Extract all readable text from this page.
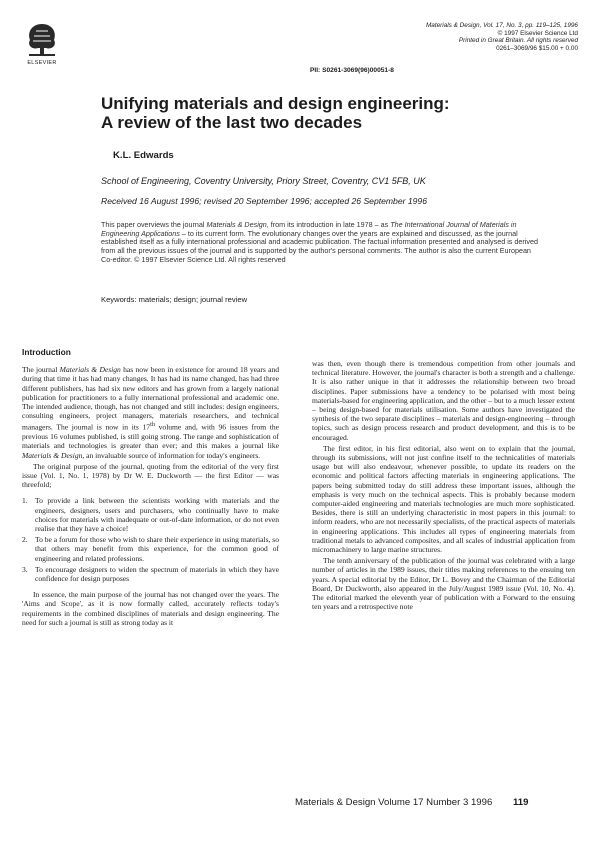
ELSEVIER
Materials & Design, Vol. 17, No. 3, pp. 119–125, 1996
© 1997 Elsevier Science Ltd
Printed in Great Britain. All rights reserved
0261–3069/96 $15.00 + 0.00
PII: S0261-3069(96)00051-8
Unifying materials and design engineering:
A review of the last two decades
K.L. Edwards
School of Engineering, Coventry University, Priory Street, Coventry, CV1 5FB, UK
Received 16 August 1996; revised 20 September 1996; accepted 26 September 1996

This paper overviews the journal Materials & Design, from its introduction in late 1978 – as The International Journal of Materials in Engineering Applications – to its current form. The evolutionary changes over the years are explained and discussed, as the journal established itself as a fully international professional and academic publication. The factual information presented and analysed is derived from all the previous issues of the journal and is supported by the author's personal comments. The author is also the current European Co-editor. © 1997 Elsevier Science Ltd. All rights reserved

Keywords: materials; design; journal review
Introduction

The journal Materials & Design has now been in existence for around 18 years and during that time it has had many changes. It has had its name changed, has had three different publishers, has had six new editors and has grown from a largely national publication for practitioners to a fully international professional and academic one. The intended audience, though, has not changed and still includes: design engineers, consulting engineers, project managers, materials researchers, and technical managers. The journal is now in its 17th volume and, with 96 issues from the previous 16 volumes published, is still going strong. The range and sophistication of materials and technologies is greater than ever; and this makes a journal like Materials & Design, an invaluable source of information for today's engineers.

The original purpose of the journal, quoting from the editorial of the very first issue (Vol. 1, No. 1, 1978) by Dr W. E. Duckworth — the first Editor — was threefold;

1. To provide a link between the scientists working with materials and the engineers, designers, users and purchasers, who continually have to make choices for materials with inadequate or out-of-date information, or do not even realise that they have a choice!
2. To be a forum for those who wish to share their experience in using materials, so that others may benefit from this experience, for the common good of engineering and related professions.
3. To encourage designers to widen the spectrum of materials in which they have confidence for design purposes

In essence, the main purpose of the journal has not changed over the years. The 'Aims and Scope', as it is now formally called, accurately reflects today's requirements in the combined disciplines of materials and design engineering. The need for such a journal is still as strong today as it

was then, even though there is tremendous competition from other journals and technical literature. However, the journal's character is both a strength and a challenge. It is also rather unique in that it addresses the relationship between two broad disciplines. Paper submissions have a tendency to be polarised with most being materials-based for engineering application, and the other – but to a much lesser extent – being design-based for materials utilisation. Some authors have investigated the synthesis of the two separate disciplines – materials and design-engineering – through topics, such as design process research and product development, and this is to be encouraged.

The first editor, in his first editorial, also went on to explain that the journal, through its submissions, will not just confine itself to the technicalities of materials usage but will also endeavour, whenever possible, to update its readers on the economic and political factors affecting materials in engineering applications. The papers being submitted today do still address these important issues, although the emphasis is very much on the technical aspects. This is probably because modern computer-aided engineering and materials technologies are much more sophisticated. Besides, there is still an underlying characteristic in most papers in this journal: to inform readers, who are not necessarily specialists, of the practical aspects of materials in engineering applications. This includes all types of engineering materials from traditional metals to advanced composites, and all scales of industrial application from micromachinery to large marine structures.

The tenth anniversary of the publication of the journal was celebrated with a large number of articles in the 1989 issues, their titles making references to the ensuing ten years. A special editorial by the Editor, Dr L. Bovey and the Chairman of the Editorial Board, Dr Duckworth, also appeared in the July/August 1989 issue (Vol. 10, No. 4). The editorial marked the eleventh year of publication with a Forward to the ensuing ten years and a retrospective note

Materials & Design Volume 17 Number 3 1996 119
